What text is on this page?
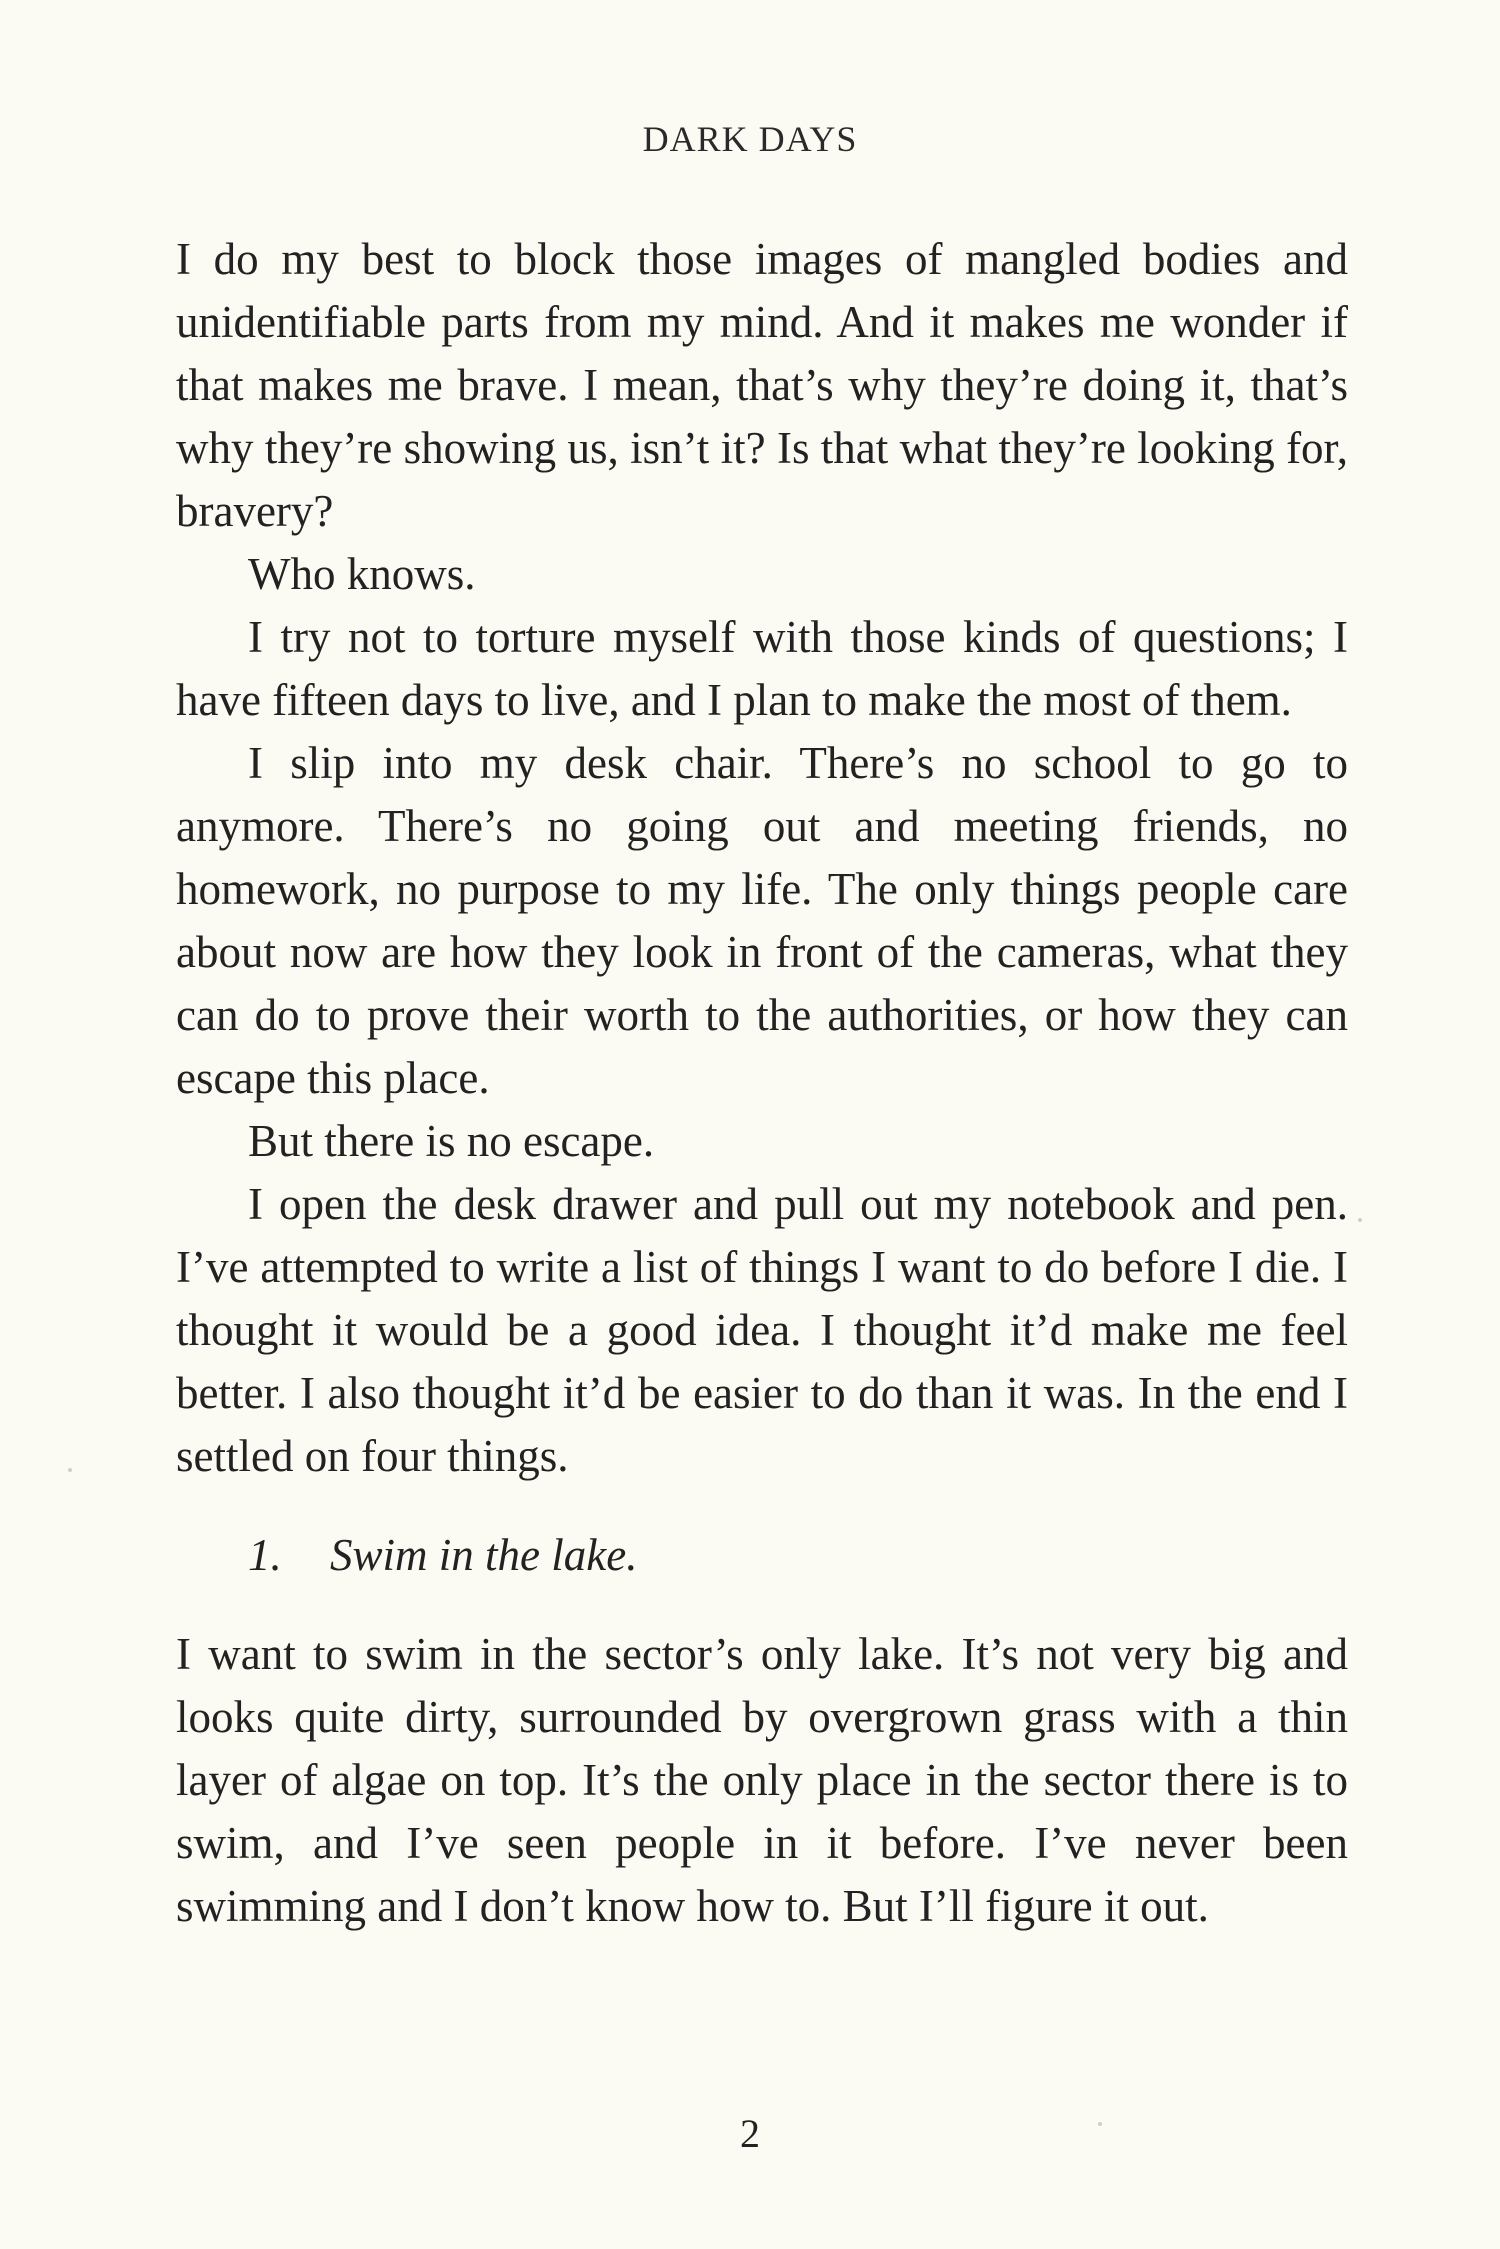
DARK DAYS

I do my best to block those images of mangled bodies and unidentifiable parts from my mind. And it makes me wonder if that makes me brave. I mean, that’s why they’re doing it, that’s why they’re showing us, isn’t it? Is that what they’re looking for, bravery?

Who knows.

I try not to torture myself with those kinds of questions; I have fifteen days to live, and I plan to make the most of them.

I slip into my desk chair. There’s no school to go to anymore. There’s no going out and meeting friends, no homework, no purpose to my life. The only things people care about now are how they look in front of the cameras, what they can do to prove their worth to the authorities, or how they can escape this place.

But there is no escape.

I open the desk drawer and pull out my notebook and pen. I’ve attempted to write a list of things I want to do before I die. I thought it would be a good idea. I thought it’d make me feel better. I also thought it’d be easier to do than it was. In the end I settled on four things.

1. Swim in the lake.

I want to swim in the sector’s only lake. It’s not very big and looks quite dirty, surrounded by overgrown grass with a thin layer of algae on top. It’s the only place in the sector there is to swim, and I’ve seen people in it before. I’ve never been swimming and I don’t know how to. But I’ll figure it out.

2
